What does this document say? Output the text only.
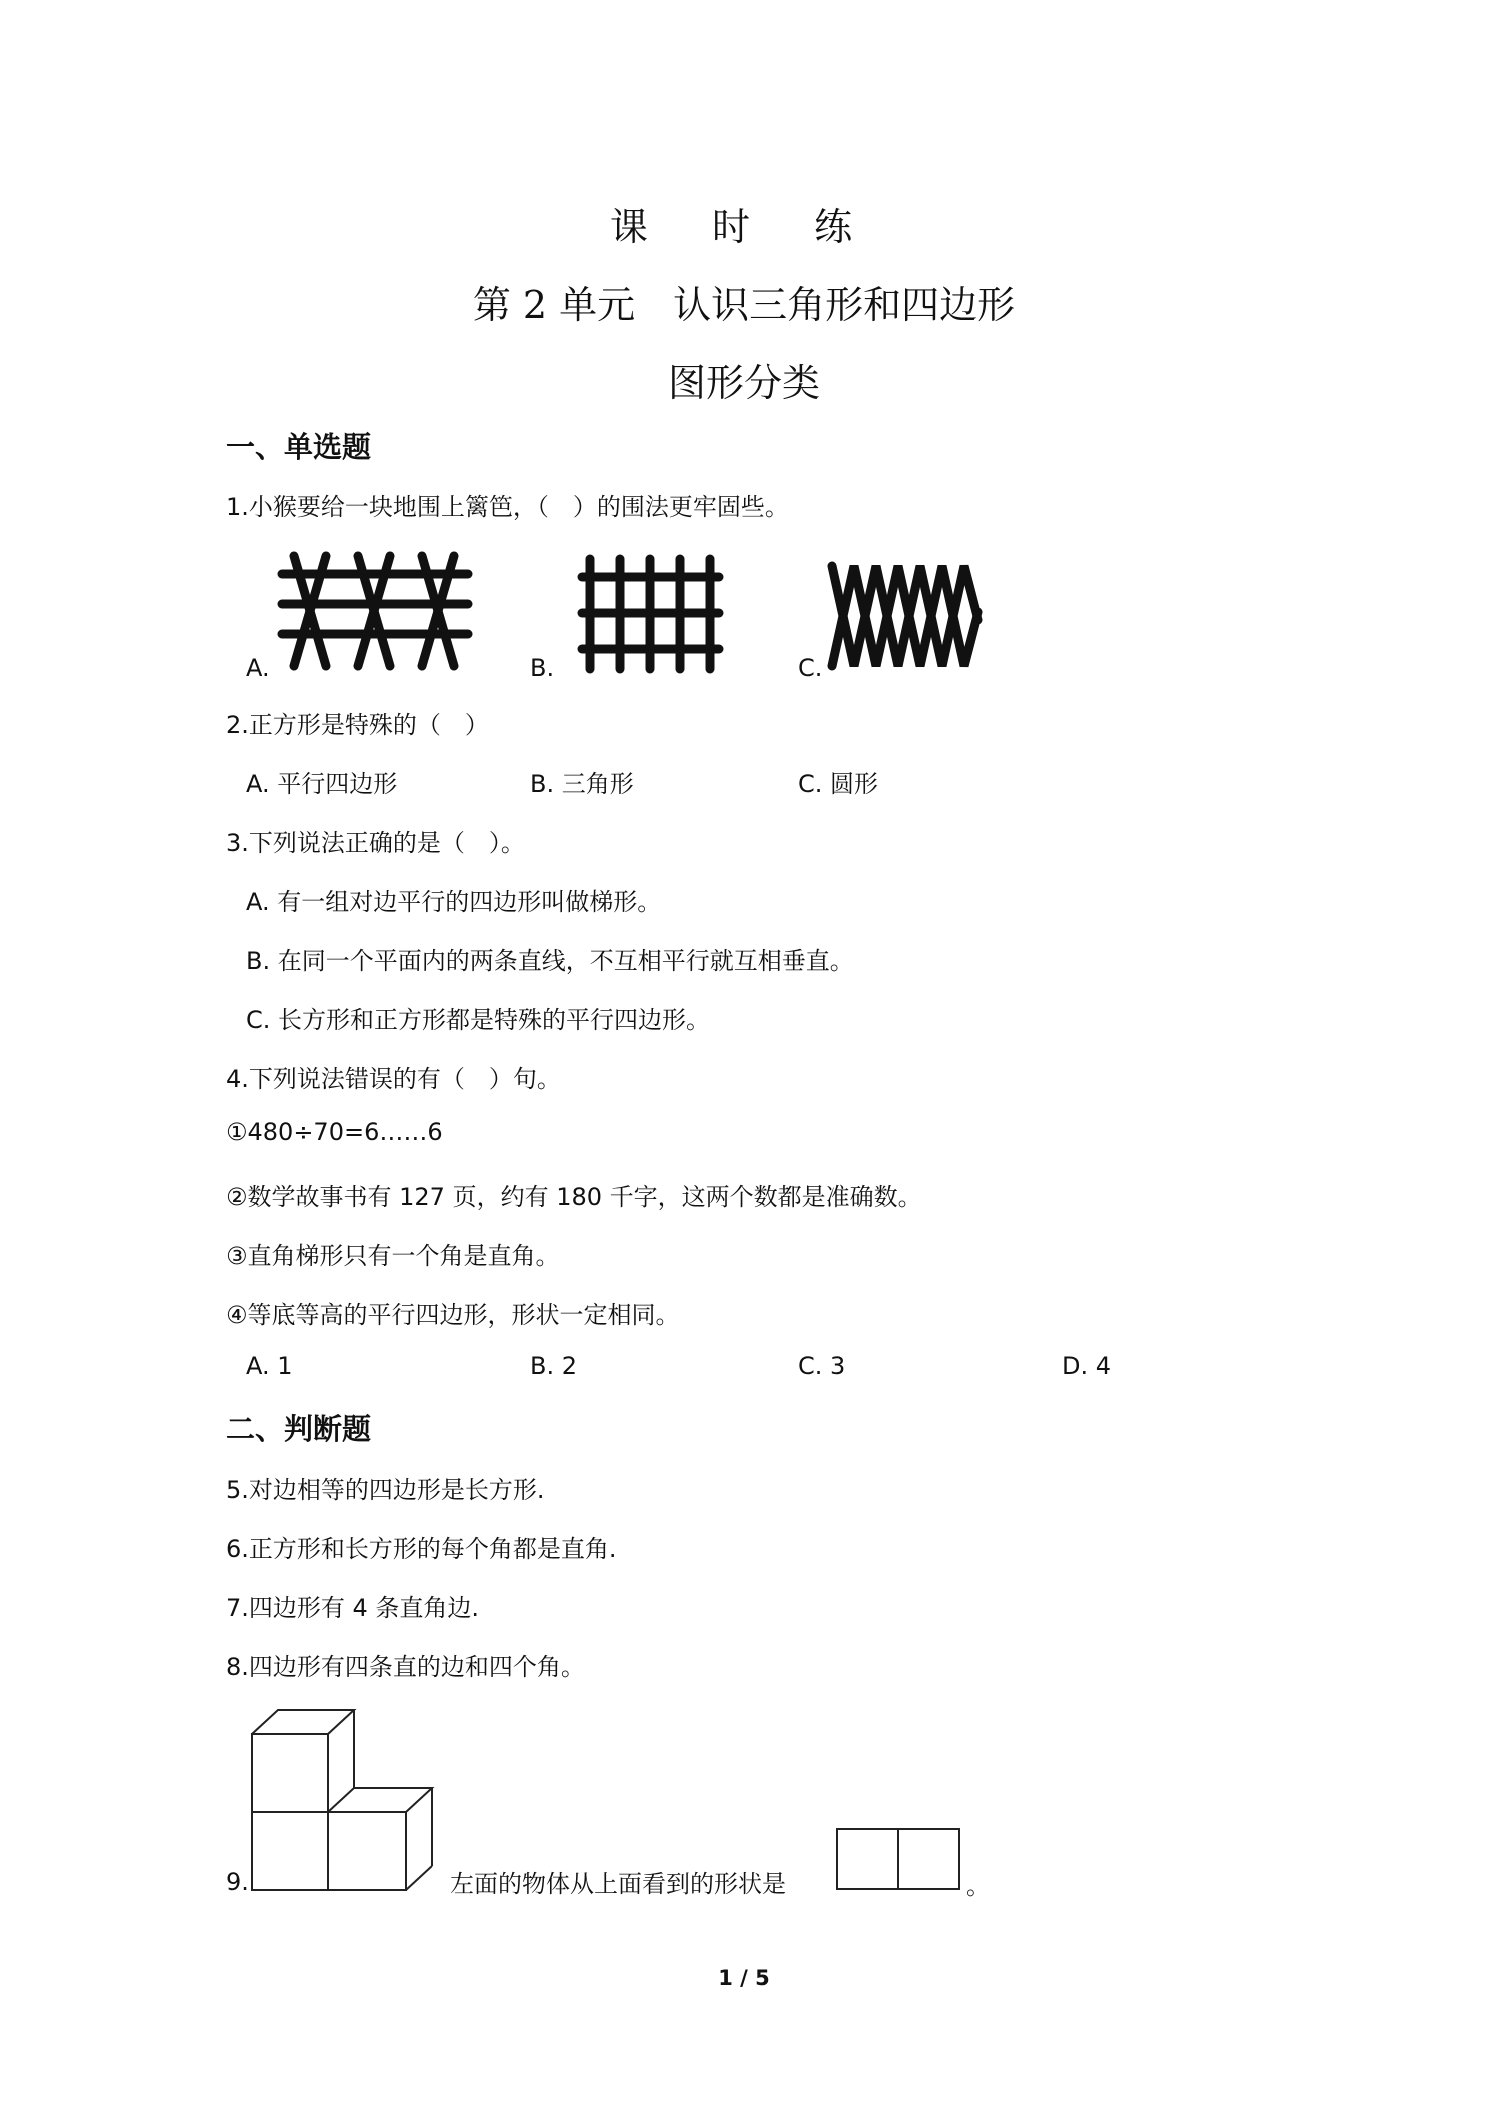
课 时 练
第 2 单元　认识三角形和四边形
图形分类
一、单选题
1.小猴要给一块地围上篱笆，（　）的围法更牢固些。
A.	B.	C.
2.正方形是特殊的（　）
A. 平行四边形	B. 三角形	C. 圆形
3.下列说法正确的是（　）。
A. 有一组对边平行的四边形叫做梯形。
B. 在同一个平面内的两条直线，不互相平行就互相垂直。
C. 长方形和正方形都是特殊的平行四边形。
4.下列说法错误的有（　）句。
①480÷70=6……6
②数学故事书有 127 页，约有 180 千字，这两个数都是准确数。
③直角梯形只有一个角是直角。
④等底等高的平行四边形，形状一定相同。
A. 1	B. 2	C. 3	D. 4
二、判断题
5.对边相等的四边形是长方形.
6.正方形和长方形的每个角都是直角.
7.四边形有 4 条直角边.
8.四边形有四条直的边和四个角。
9.	左面的物体从上面看到的形状是	。
1 / 5
